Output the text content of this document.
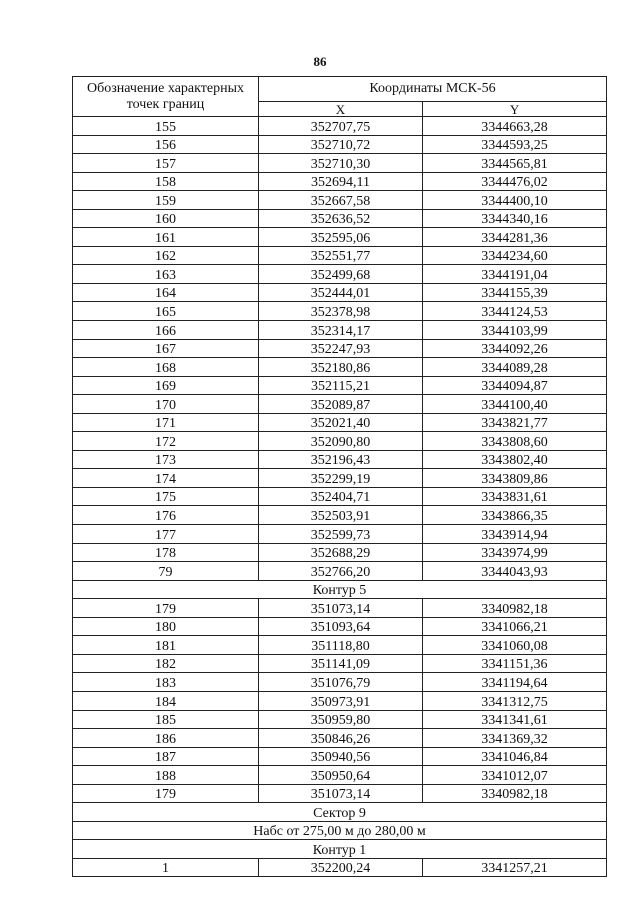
86
Обозначение характерных точек границ	Координаты МСК-56	
	X	Y
155	352707,75	3344663,28
156	352710,72	3344593,25
157	352710,30	3344565,81
158	352694,11	3344476,02
159	352667,58	3344400,10
160	352636,52	3344340,16
161	352595,06	3344281,36
162	352551,77	3344234,60
163	352499,68	3344191,04
164	352444,01	3344155,39
165	352378,98	3344124,53
166	352314,17	3344103,99
167	352247,93	3344092,26
168	352180,86	3344089,28
169	352115,21	3344094,87
170	352089,87	3344100,40
171	352021,40	3343821,77
172	352090,80	3343808,60
173	352196,43	3343802,40
174	352299,19	3343809,86
175	352404,71	3343831,61
176	352503,91	3343866,35
177	352599,73	3343914,94
178	352688,29	3343974,99
79	352766,20	3344043,93
Контур 5		
179	351073,14	3340982,18
180	351093,64	3341066,21
181	351118,80	3341060,08
182	351141,09	3341151,36
183	351076,79	3341194,64
184	350973,91	3341312,75
185	350959,80	3341341,61
186	350846,26	3341369,32
187	350940,56	3341046,84
188	350950,64	3341012,07
179	351073,14	3340982,18
Сектор 9		
Набс от 275,00 м до 280,00 м		
Контур 1		
1	352200,24	3341257,21
